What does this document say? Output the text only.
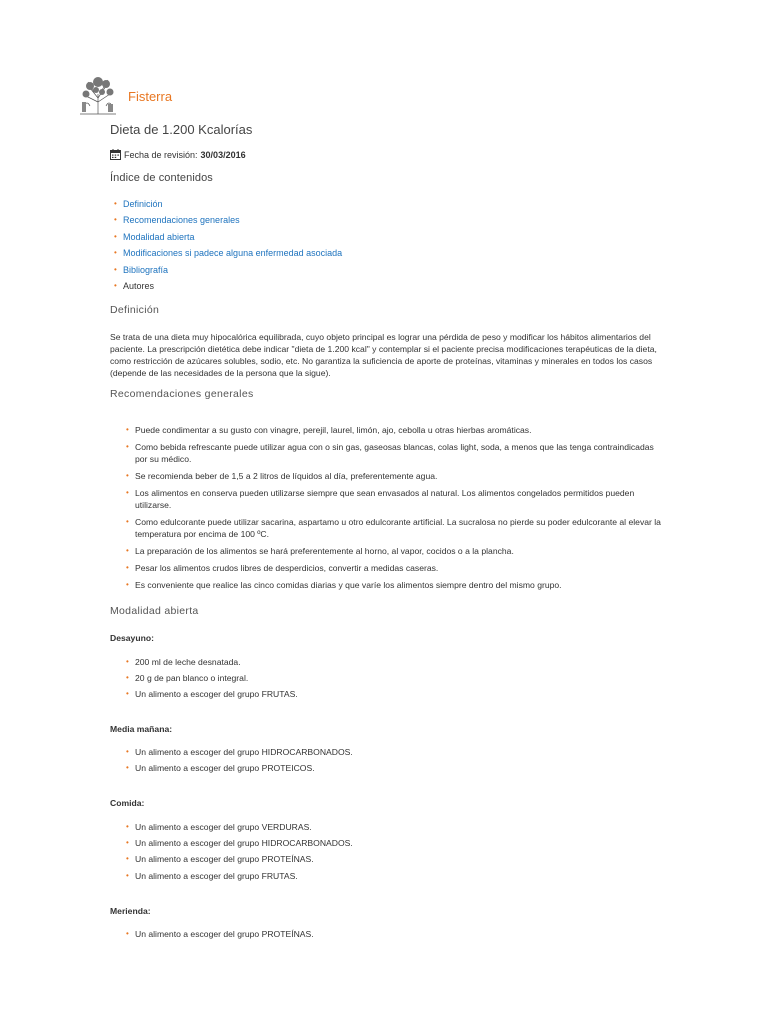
Fisterra
Dieta de 1.200 Kcalorías
Fecha de revisión: 30/03/2016
Índice de contenidos
• Definición
• Recomendaciones generales
• Modalidad abierta
• Modificaciones si padece alguna enfermedad asociada
• Bibliografía
• Autores
Definición

Se trata de una dieta muy hipocalórica equilibrada, cuyo objeto principal es lograr una pérdida de peso y modificar los hábitos alimentarios del paciente. La prescripción dietética debe indicar "dieta de 1.200 kcal" y contemplar si el paciente precisa modificaciones terapéuticas de la dieta, como restricción de azúcares solubles, sodio, etc. No garantiza la suficiencia de aporte de proteínas, vitaminas y minerales en todos los casos (depende de las necesidades de la persona que la sigue).

Recomendaciones generales
• Puede condimentar a su gusto con vinagre, perejil, laurel, limón, ajo, cebolla u otras hierbas aromáticas.
• Como bebida refrescante puede utilizar agua con o sin gas, gaseosas blancas, colas light, soda, a menos que las tenga contraindicadas por su médico.
• Se recomienda beber de 1,5 a 2 litros de líquidos al día, preferentemente agua.
• Los alimentos en conserva pueden utilizarse siempre que sean envasados al natural. Los alimentos congelados permitidos pueden utilizarse.
• Como edulcorante puede utilizar sacarina, aspartamo u otro edulcorante artificial. La sucralosa no pierde su poder edulcorante al elevar la temperatura por encima de 100 ºC.
• La preparación de los alimentos se hará preferentemente al horno, al vapor, cocidos o a la plancha.
• Pesar los alimentos crudos libres de desperdicios, convertir a medidas caseras.
• Es conveniente que realice las cinco comidas diarias y que varíe los alimentos siempre dentro del mismo grupo.
Modalidad abierta
Desayuno:
• 200 ml de leche desnatada.
• 20 g de pan blanco o integral.
• Un alimento a escoger del grupo FRUTAS.
Media mañana:
• Un alimento a escoger del grupo HIDROCARBONADOS.
• Un alimento a escoger del grupo PROTEICOS.
Comida:
• Un alimento a escoger del grupo VERDURAS.
• Un alimento a escoger del grupo HIDROCARBONADOS.
• Un alimento a escoger del grupo PROTEÍNAS.
• Un alimento a escoger del grupo FRUTAS.
Merienda:
• Un alimento a escoger del grupo PROTEÍNAS.
